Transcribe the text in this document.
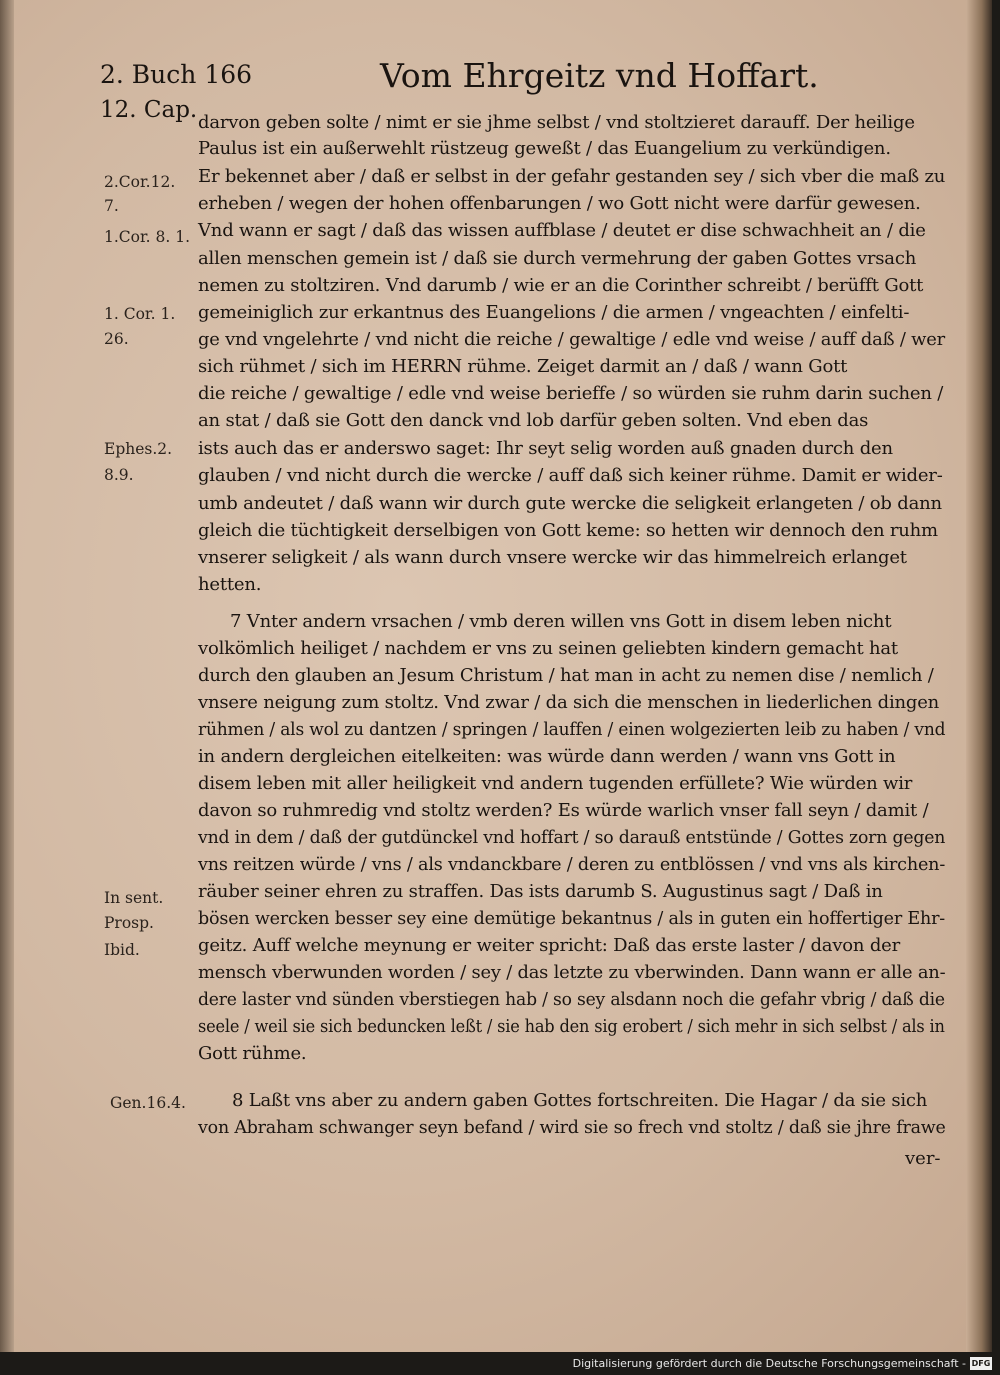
2. Buch 166	Vom Ehrgeitz vnd Hoffart.
12. Cap.
2.Cor.12.
7.
1.Cor. 8. 1.
1. Cor. 1.
26.
Ephes.2.
8.9.
In sent.
Prosp.
Ibid.
Gen.16.4.
darvon geben solte / nimt er sie jhme selbst / vnd stoltzieret darauff. Der heilige
Paulus ist ein außerwehlt rüstzeug geweßt / das Euangelium zu verkündigen.
Er bekennet aber / daß er selbst in der gefahr gestanden sey / sich vber die maß zu
erheben / wegen der hohen offenbarungen / wo Gott nicht were darfür gewesen.
Vnd wann er sagt / daß das wissen auffblase / deutet er dise schwachheit an / die
allen menschen gemein ist / daß sie durch vermehrung der gaben Gottes vrsach
nemen zu stoltziren. Vnd darumb / wie er an die Corinther schreibt / berüfft Gott
gemeiniglich zur erkantnus des Euangelions / die armen / vngeachten / einfelti-
ge vnd vngelehrte / vnd nicht die reiche / gewaltige / edle vnd weise / auff daß / wer
sich rühmet / sich im HERRN rühme. Zeiget darmit an / daß / wann Gott
die reiche / gewaltige / edle vnd weise berieffe / so würden sie ruhm darin suchen /
an stat / daß sie Gott den danck vnd lob darfür geben solten. Vnd eben das
ists auch das er anderswo saget: Ihr seyt selig worden auß gnaden durch den
glauben / vnd nicht durch die wercke / auff daß sich keiner rühme. Damit er wider-
umb andeutet / daß wann wir durch gute wercke die seligkeit erlangeten / ob dann
gleich die tüchtigkeit derselbigen von Gott keme: so hetten wir dennoch den ruhm
vnserer seligkeit / als wann durch vnsere wercke wir das himmelreich erlanget
hetten.
7 Vnter andern vrsachen / vmb deren willen vns Gott in disem leben nicht
volkömlich heiliget / nachdem er vns zu seinen geliebten kindern gemacht hat
durch den glauben an Jesum Christum / hat man in acht zu nemen dise / nemlich /
vnsere neigung zum stoltz. Vnd zwar / da sich die menschen in liederlichen dingen
rühmen / als wol zu dantzen / springen / lauffen / einen wolgezierten leib zu haben / vnd
in andern dergleichen eitelkeiten: was würde dann werden / wann vns Gott in
disem leben mit aller heiligkeit vnd andern tugenden erfüllete? Wie würden wir
davon so ruhmredig vnd stoltz werden? Es würde warlich vnser fall seyn / damit /
vnd in dem / daß der gutdünckel vnd hoffart / so darauß entstünde / Gottes zorn gegen
vns reitzen würde / vns / als vndanckbare / deren zu entblössen / vnd vns als kirchen-
räuber seiner ehren zu straffen. Das ists darumb S. Augustinus sagt / Daß in
bösen wercken besser sey eine demütige bekantnus / als in guten ein hoffertiger Ehr-
geitz. Auff welche meynung er weiter spricht: Daß das erste laster / davon der
mensch vberwunden worden / sey / das letzte zu vberwinden. Dann wann er alle an-
dere laster vnd sünden vberstiegen hab / so sey alsdann noch die gefahr vbrig / daß die
seele / weil sie sich beduncken leßt / sie hab den sig erobert / sich mehr in sich selbst / als in
Gott rühme.
8 Laßt vns aber zu andern gaben Gottes fortschreiten. Die Hagar / da sie sich
von Abraham schwanger seyn befand / wird sie so frech vnd stoltz / daß sie jhre frawe
ver-
Digitalisierung gefördert durch die Deutsche Forschungsgemeinschaft - DFG
